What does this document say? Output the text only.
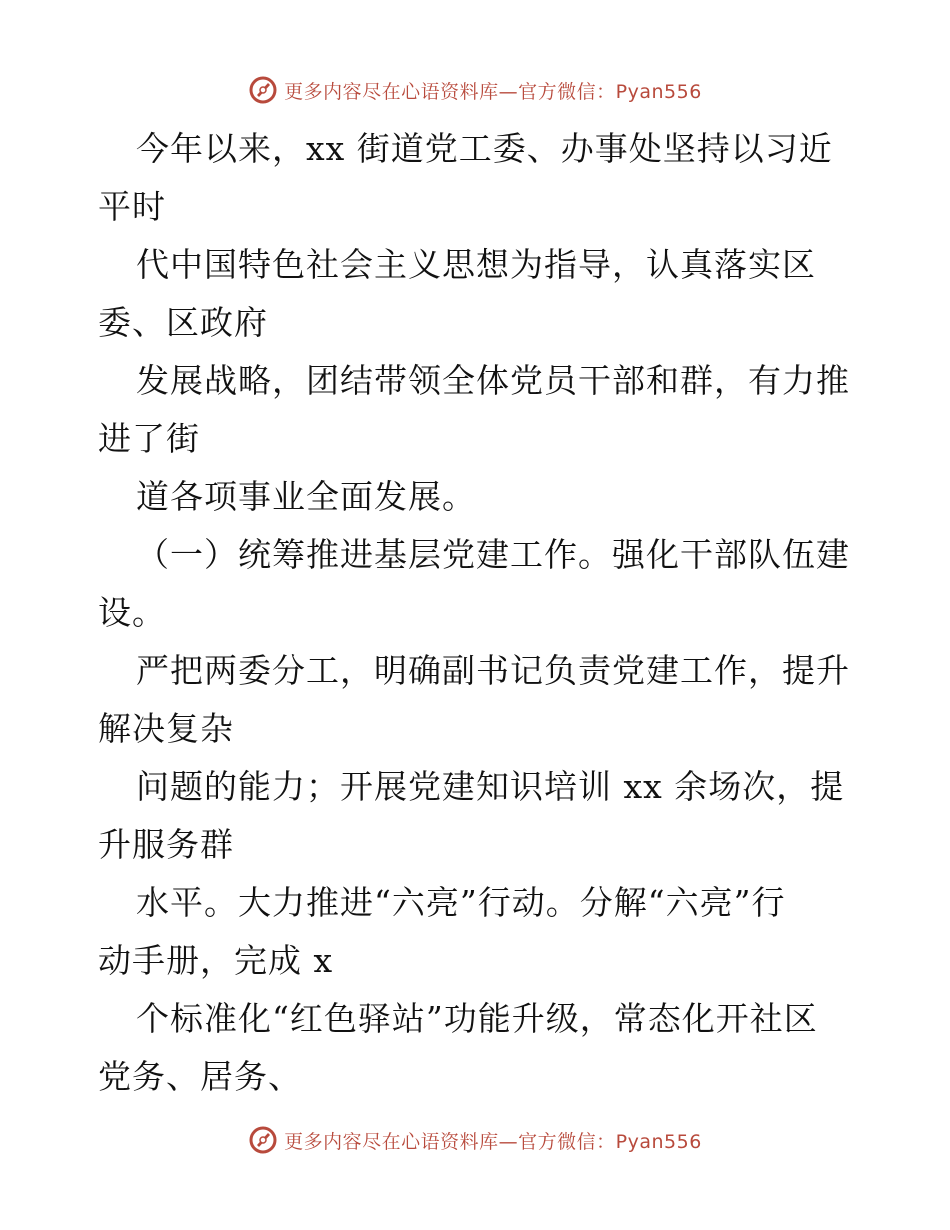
更多内容尽在心语资料库—官方微信：Pyan556
今年以来，xx 街道党工委、办事处坚持以习近
平时
代中国特色社会主义思想为指导，认真落实区
委、区政府
发展战略，团结带领全体党员干部和群，有力推
进了街
道各项事业全面发展。
（一）统筹推进基层党建工作。强化干部队伍建
设。
严把两委分工，明确副书记负责党建工作，提升
解决复杂
问题的能力；开展党建知识培训 xx 余场次，提
升服务群
水平。大力推进“六亮”行动。分解“六亮”行
动手册，完成 x
个标准化“红色驿站”功能升级，常态化开社区
党务、居务、
更多内容尽在心语资料库—官方微信：Pyan556
